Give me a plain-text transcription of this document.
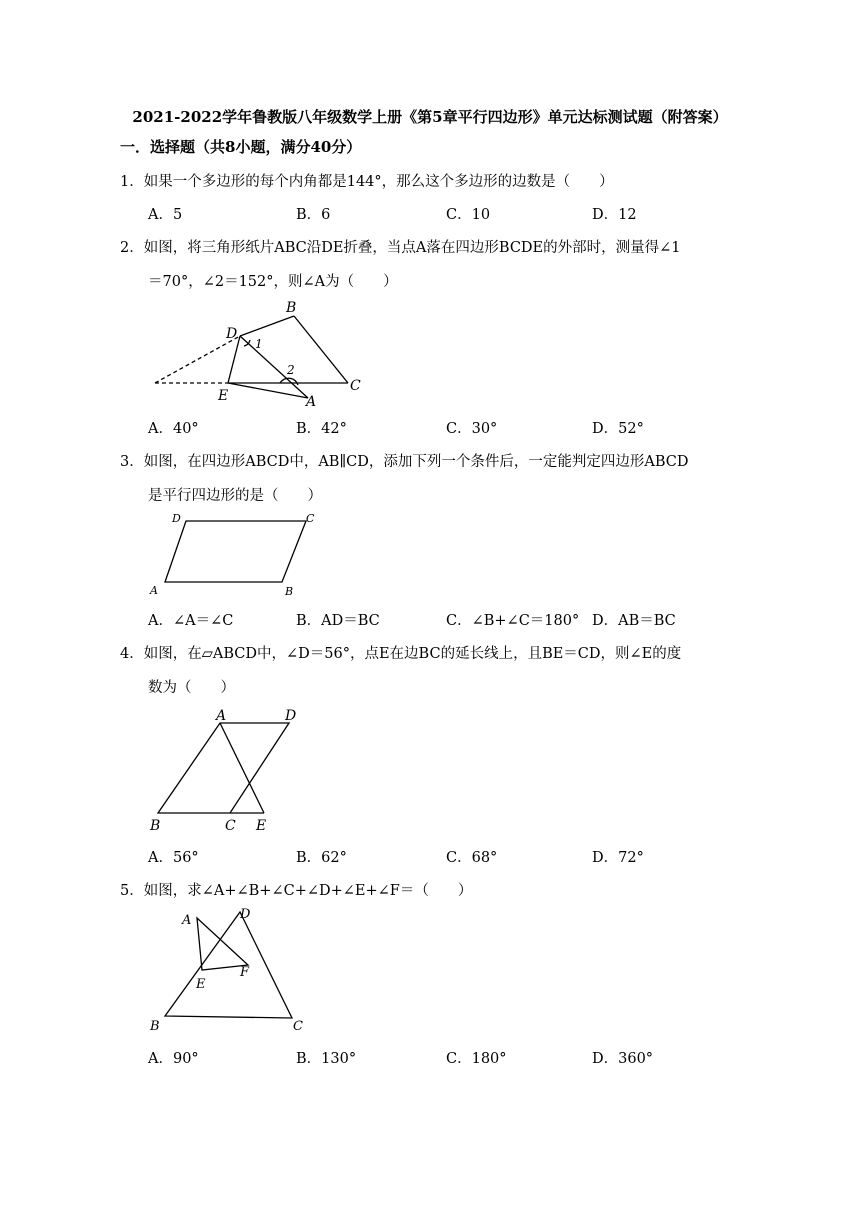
2021-2022学年鲁教版八年级数学上册《第5章平行四边形》单元达标测试题（附答案）
一．选择题（共8小题，满分40分）
1．如果一个多边形的每个内角都是144°，那么这个多边形的边数是（　　）
A．5	B．6	C．10	D．12
2．如图，将三角形纸片ABC沿DE折叠，当点A落在四边形BCDE的外部时，测量得∠1
＝70°，∠2＝152°，则∠A为（　　）
B
D
1
2
C
E	A
D	C
A	B
A	D
B	C E
A	D
F
E
B	C
A．40°	B．42°	C．30°	D．52°
3．如图，在四边形ABCD中，AB∥CD，添加下列一个条件后，一定能判定四边形ABCD
是平行四边形的是（　　）
A．∠A＝∠C	B．AD＝BC	C．∠B+∠C＝180° D．AB＝BC
4．如图，在▱ABCD中，∠D＝56°，点E在边BC的延长线上，且BE＝CD，则∠E的度
数为（　　）
A．56°	B．62°	C．68°	D．72°
5．如图，求∠A+∠B+∠C+∠D+∠E+∠F＝（　　）
A．90°	B．130°	C．180°	D．360°
